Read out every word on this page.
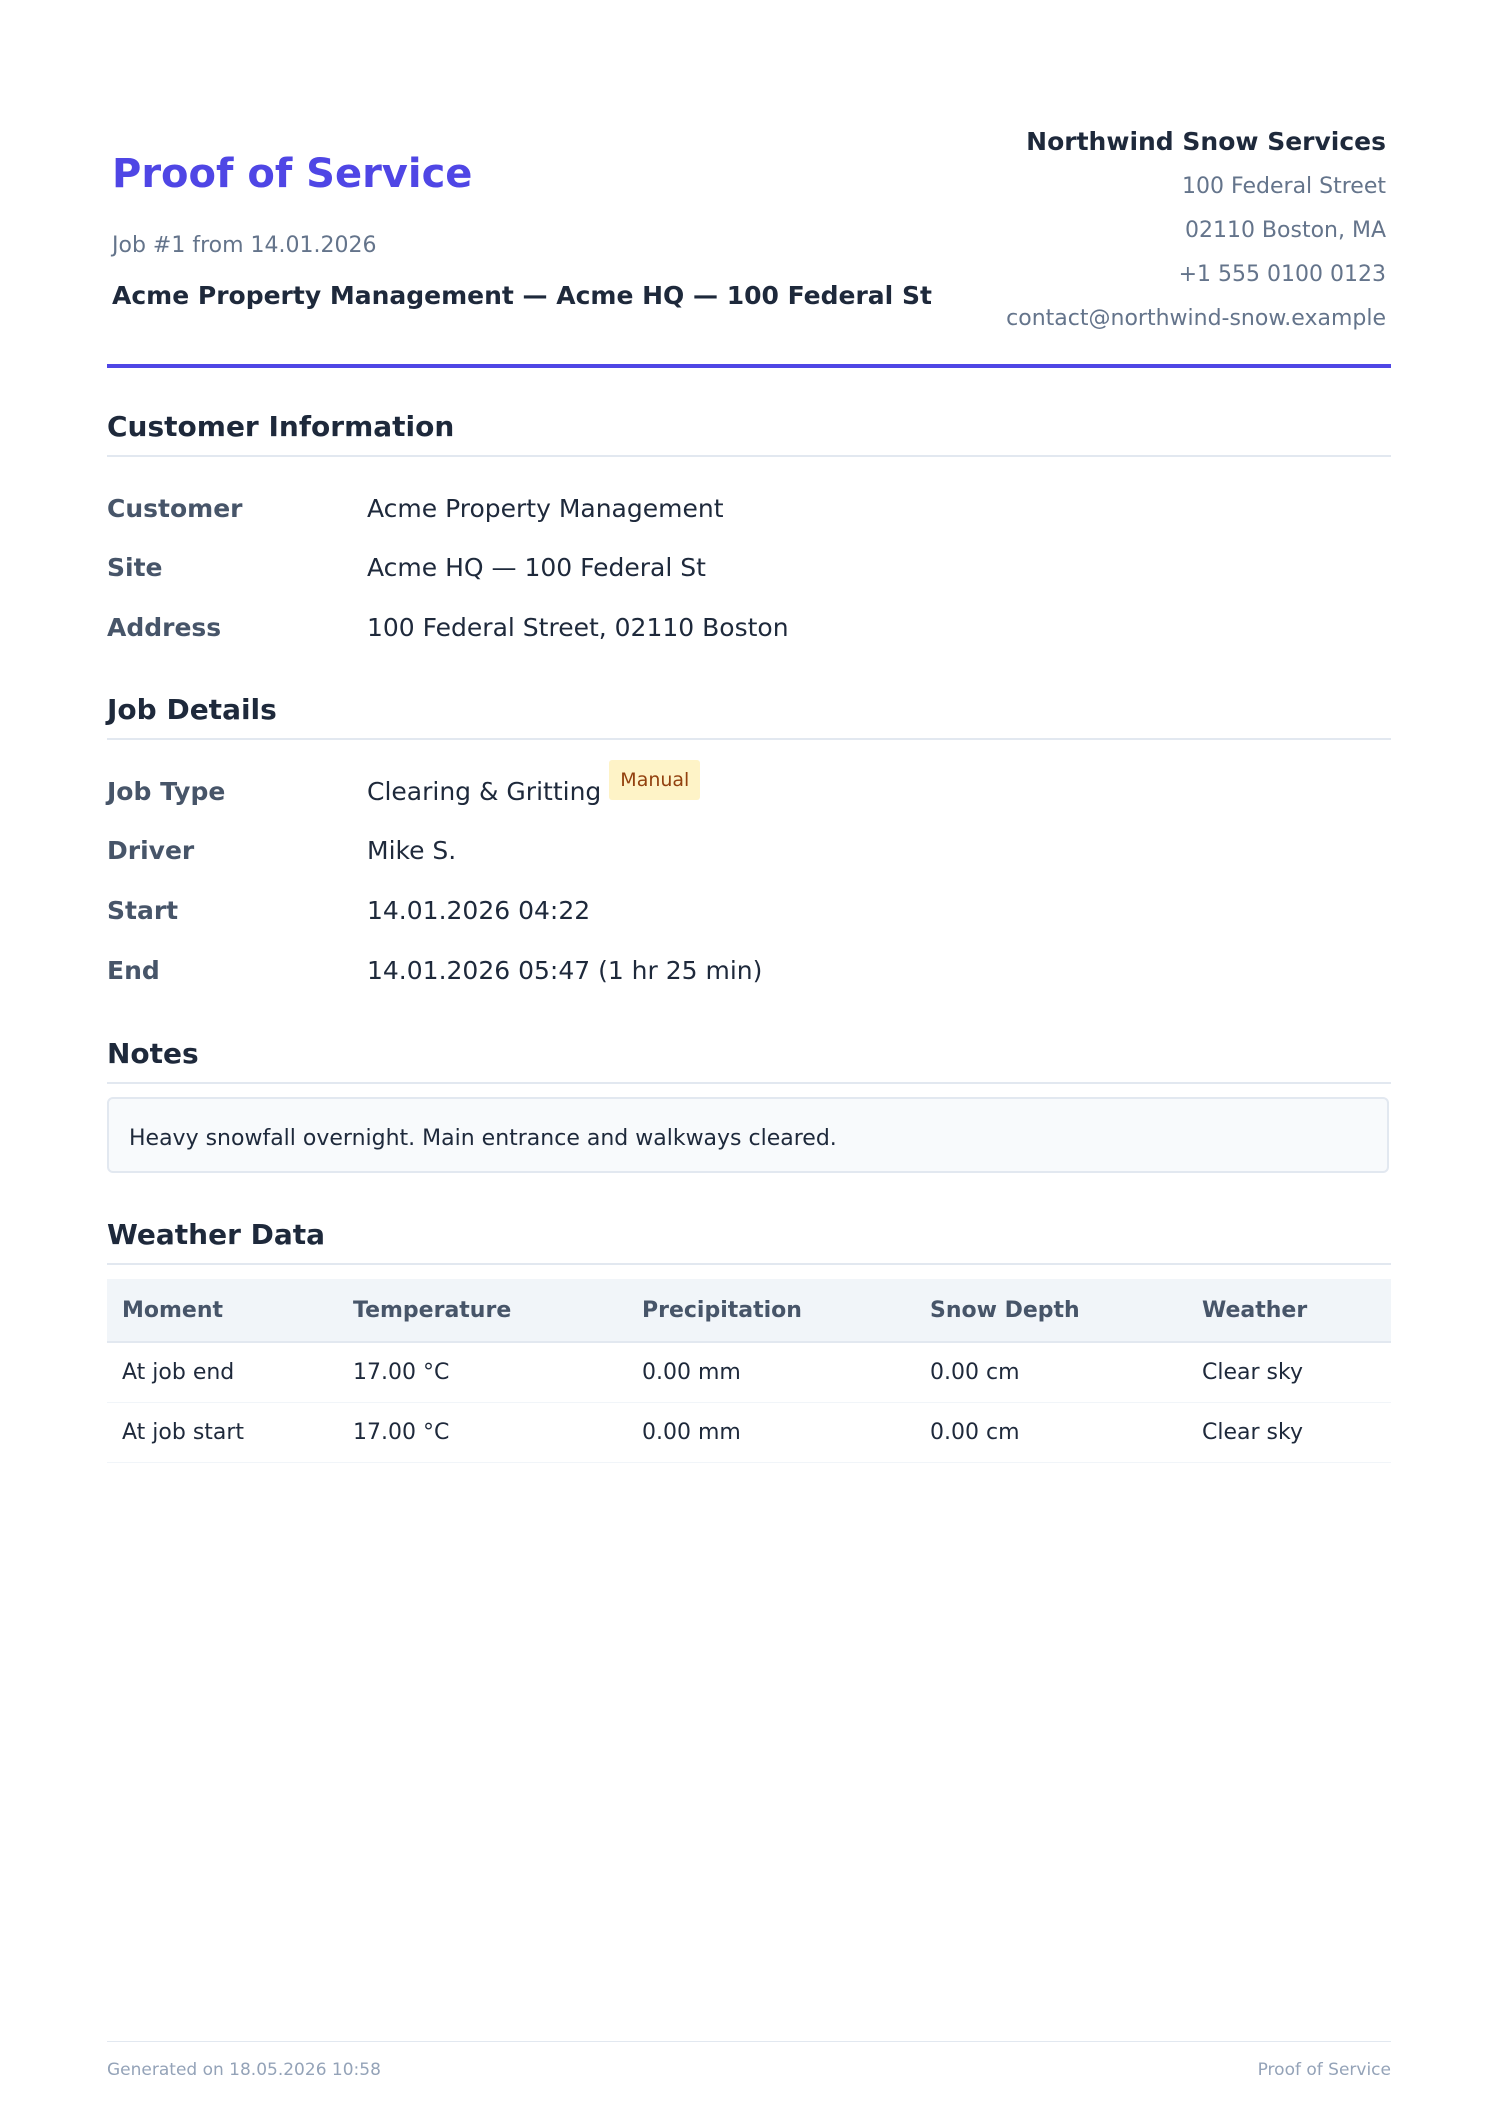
Proof of Service
Job #1 from 14.01.2026
Acme Property Management — Acme HQ — 100 Federal St
Northwind Snow Services
100 Federal Street
02110 Boston, MA
+1 555 0100 0123
contact@northwind-snow.example
Customer Information
Customer	Acme Property Management
Site	Acme HQ — 100 Federal St
Address	100 Federal Street, 02110 Boston
Job Details
Job Type	Clearing & Gritting Manual
Driver	Mike S.
Start	14.01.2026 04:22
End	14.01.2026 05:47 (1 hr 25 min)
Notes
Heavy snowfall overnight. Main entrance and walkways cleared.
Weather Data
Moment	Temperature	Precipitation	Snow Depth	Weather
At job end	17.00 °C	0.00 mm	0.00 cm	Clear sky
At job start	17.00 °C	0.00 mm	0.00 cm	Clear sky
Generated on 18.05.2026 10:58	Proof of Service
